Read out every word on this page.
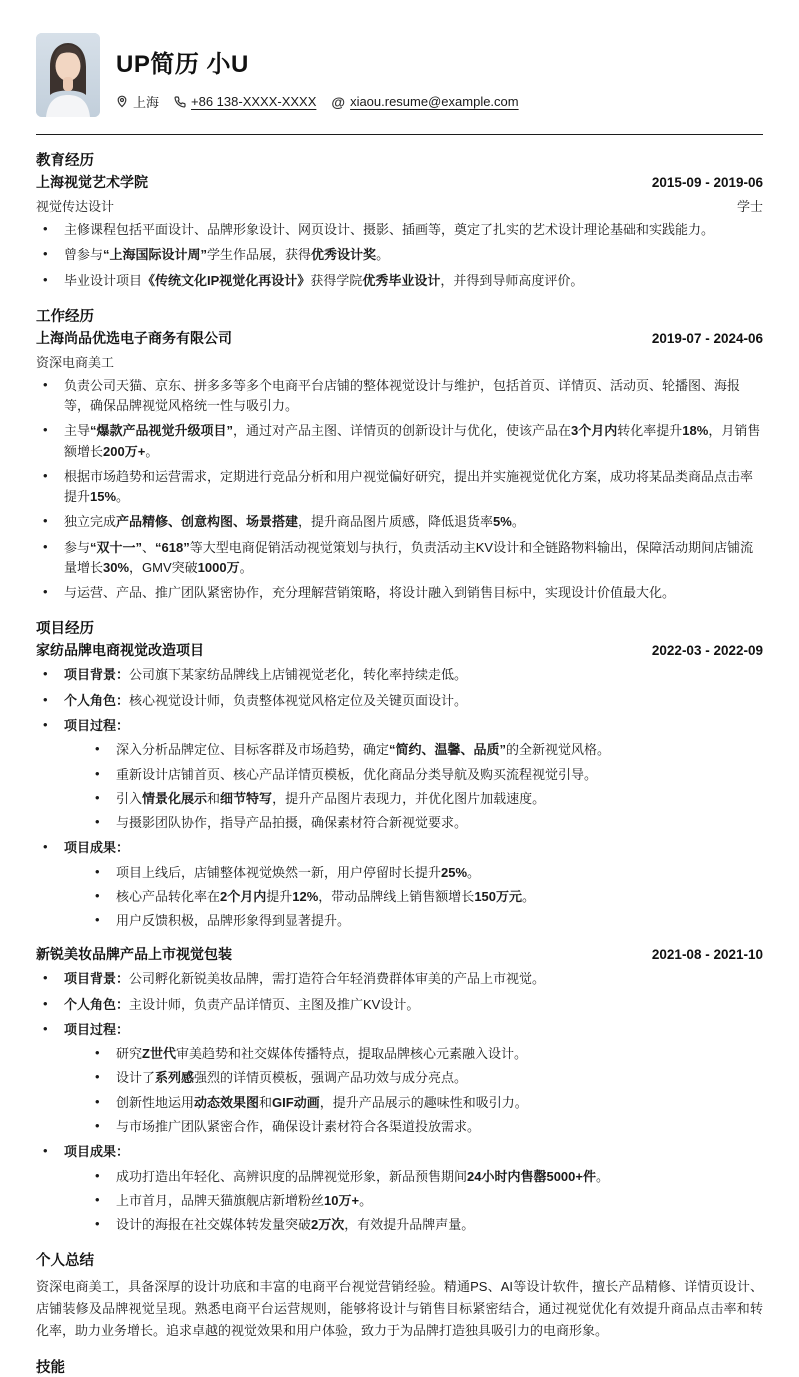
UP简历 小U
上海 +86 138-XXXX-XXXX @ xiaou.resume@example.com
教育经历
上海视觉艺术学院	2015-09 - 2019-06
视觉传达设计	学士
• 主修课程包括平面设计、品牌形象设计、网页设计、摄影、插画等，奠定了扎实的艺术设计理论基础和实践能力。
• 曾参与“上海国际设计周”学生作品展，获得优秀设计奖。
• 毕业设计项目《传统文化IP视觉化再设计》获得学院优秀毕业设计，并得到导师高度评价。
工作经历
上海尚品优选电子商务有限公司	2019-07 - 2024-06
资深电商美工
• 负责公司天猫、京东、拼多多等多个电商平台店铺的整体视觉设计与维护，包括首页、详情页、活动页、轮播图、海报等，确保品牌视觉风格统一性与吸引力。
• 主导“爆款产品视觉升级项目”，通过对产品主图、详情页的创新设计与优化，使该产品在3个月内转化率提升18%，月销售额增长200万+。
• 根据市场趋势和运营需求，定期进行竞品分析和用户视觉偏好研究，提出并实施视觉优化方案，成功将某品类商品点击率提升15%。
• 独立完成产品精修、创意构图、场景搭建，提升商品图片质感，降低退货率5%。
• 参与“双十一”、“618”等大型电商促销活动视觉策划与执行，负责活动主KV设计和全链路物料输出，保障活动期间店铺流量增长30%，GMV突破1000万。
• 与运营、产品、推广团队紧密协作，充分理解营销策略，将设计融入到销售目标中，实现设计价值最大化。
项目经历
家纺品牌电商视觉改造项目	2022-03 - 2022-09
• 项目背景：公司旗下某家纺品牌线上店铺视觉老化，转化率持续走低。
• 个人角色：核心视觉设计师，负责整体视觉风格定位及关键页面设计。
• 项目过程：
• 深入分析品牌定位、目标客群及市场趋势，确定“简约、温馨、品质”的全新视觉风格。
• 重新设计店铺首页、核心产品详情页模板，优化商品分类导航及购买流程视觉引导。
• 引入情景化展示和细节特写，提升产品图片表现力，并优化图片加载速度。
• 与摄影团队协作，指导产品拍摄，确保素材符合新视觉要求。
• 项目成果：
• 项目上线后，店铺整体视觉焕然一新，用户停留时长提升25%。
• 核心产品转化率在2个月内提升12%，带动品牌线上销售额增长150万元。
• 用户反馈积极，品牌形象得到显著提升。
新锐美妆品牌产品上市视觉包装	2021-08 - 2021-10
• 项目背景：公司孵化新锐美妆品牌，需打造符合年轻消费群体审美的产品上市视觉。
• 个人角色：主设计师，负责产品详情页、主图及推广KV设计。
• 项目过程：
• 研究Z世代审美趋势和社交媒体传播特点，提取品牌核心元素融入设计。
• 设计了系列感强烈的详情页模板，强调产品功效与成分亮点。
• 创新性地运用动态效果图和GIF动画，提升产品展示的趣味性和吸引力。
• 与市场推广团队紧密合作，确保设计素材符合各渠道投放需求。
• 项目成果：
• 成功打造出年轻化、高辨识度的品牌视觉形象，新品预售期间24小时内售罄5000+件。
• 上市首月，品牌天猫旗舰店新增粉丝10万+。
• 设计的海报在社交媒体转发量突破2万次，有效提升品牌声量。
个人总结

资深电商美工，具备深厚的设计功底和丰富的电商平台视觉营销经验。精通PS、AI等设计软件，擅长产品精修、详情页设计、店铺装修及品牌视觉呈现。熟悉电商平台运营规则，能够将设计与销售目标紧密结合，通过视觉优化有效提升商品点击率和转化率，助力业务增长。追求卓越的视觉效果和用户体验，致力于为品牌打造独具吸引力的电商形象。

技能
